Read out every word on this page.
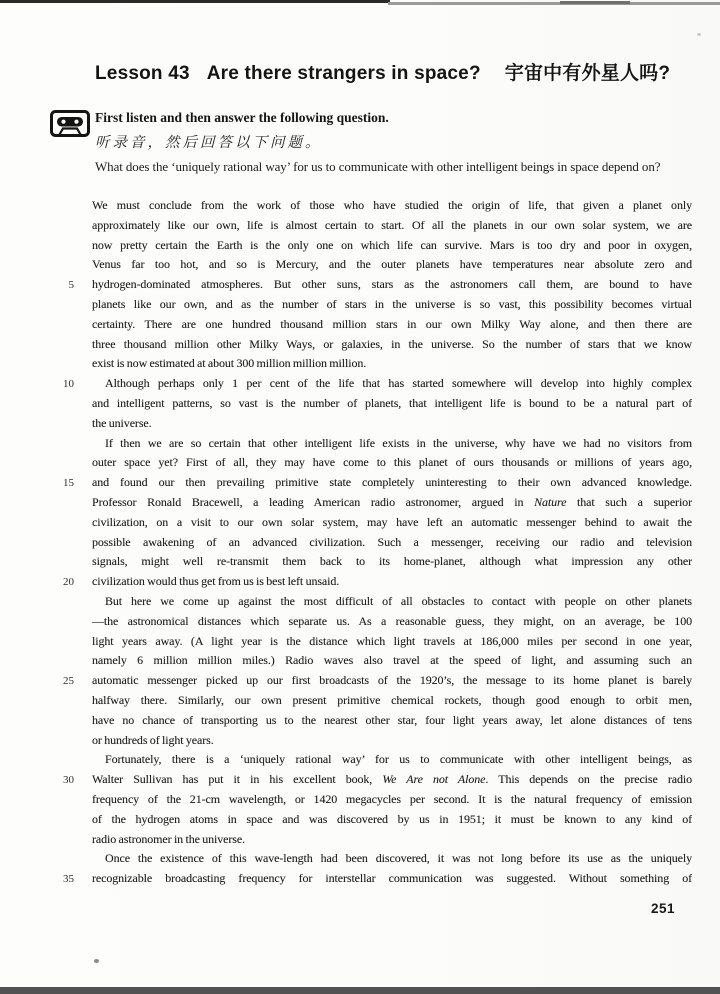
Lesson 43 Are there strangers in space? 宇宙中有外星人吗?

First listen and then answer the following question.

听录音，然后回答以下问题。

What does the ‘uniquely rational way’ for us to communicate with other intelligent beings in space depend on?

We must conclude from the work of those who have studied the origin of life, that given a planet only
approximately like our own, life is almost certain to start. Of all the planets in our own solar system, we are
now pretty certain the Earth is the only one on which life can survive. Mars is too dry and poor in oxygen,
Venus far too hot, and so is Mercury, and the outer planets have temperatures near absolute zero and
5 hydrogen-dominated atmospheres. But other suns, stars as the astronomers call them, are bound to have
planets like our own, and as the number of stars in the universe is so vast, this possibility becomes virtual
certainty. There are one hundred thousand million stars in our own Milky Way alone, and then there are
three thousand million other Milky Ways, or galaxies, in the universe. So the number of stars that we know
exist is now estimated at about 300 million million million.
10	Although perhaps only 1 per cent of the life that has started somewhere will develop into highly complex
and intelligent patterns, so vast is the number of planets, that intelligent life is bound to be a natural part of
the universe.
If then we are so certain that other intelligent life exists in the universe, why have we had no visitors from
outer space yet? First of all, they may have come to this planet of ours thousands or millions of years ago,
15 and found our then prevailing primitive state completely uninteresting to their own advanced knowledge.
Professor Ronald Bracewell, a leading American radio astronomer, argued in Nature that such a superior
civilization, on a visit to our own solar system, may have left an automatic messenger behind to await the
possible awakening of an advanced civilization. Such a messenger, receiving our radio and television
signals, might well re-transmit them back to its home-planet, although what impression any other
20 civilization would thus get from us is best left unsaid.
But here we come up against the most difficult of all obstacles to contact with people on other planets
—the astronomical distances which separate us. As a reasonable guess, they might, on an average, be 100
light years away. (A light year is the distance which light travels at 186,000 miles per second in one year,
namely 6 million million miles.) Radio waves also travel at the speed of light, and assuming such an
25 automatic messenger picked up our first broadcasts of the 1920’s, the message to its home planet is barely
halfway there. Similarly, our own present primitive chemical rockets, though good enough to orbit men,
have no chance of transporting us to the nearest other star, four light years away, let alone distances of tens
or hundreds of light years.
Fortunately, there is a ‘uniquely rational way’ for us to communicate with other intelligent beings, as
30 Walter Sullivan has put it in his excellent book, We Are not Alone. This depends on the precise radio
frequency of the 21-cm wavelength, or 1420 megacycles per second. It is the natural frequency of emission
of the hydrogen atoms in space and was discovered by us in 1951; it must be known to any kind of
radio astronomer in the universe.
Once the existence of this wave-length had been discovered, it was not long before its use as the uniquely
35 recognizable broadcasting frequency for interstellar communication was suggested. Without something of
251
